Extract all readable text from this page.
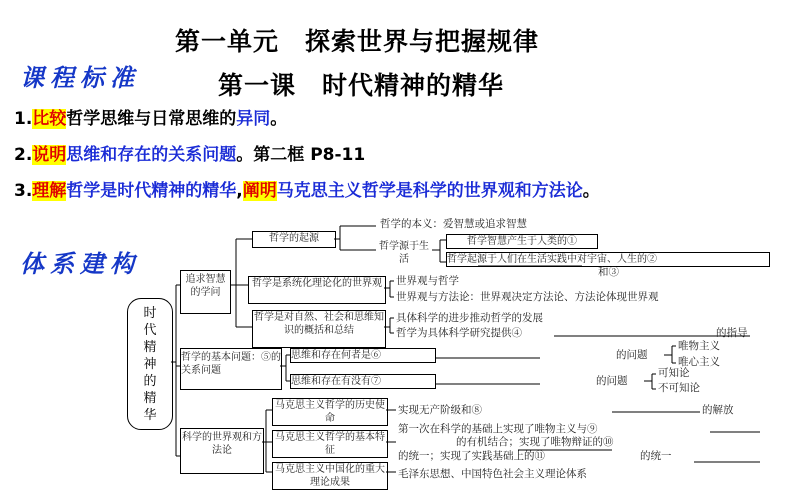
第一单元　探索世界与把握规律
第一课　时代精神的精华
课程标准
体系建构
1.比较哲学思维与日常思维的异同。
2.说明思维和存在的关系问题。第二框 P8-11
3.理解哲学是时代精神的精华,阐明马克思主义哲学是科学的世界观和方法论。
时代精神的精华
追求智慧的学问
哲学的基本问题：⑤的关系问题
科学的世界观和方法论
哲学的起源
哲学是系统化理论化的世界观
哲学是对自然、社会和思维知识的概括和总结
哲学的本义：爱智慧或追求智慧
哲学源于生活
哲学智慧产生于人类的①
哲学起源于人们在生活实践中对宇宙、人生的②
和③
世界观与哲学
世界观与方法论：世界观决定方法论、方法论体现世界观
具体科学的进步推动哲学的发展
哲学为具体科学研究提供④	的指导
思维和存在何者是⑥	的问题
唯物主义
唯心主义
思维和存在有没有⑦	的问题
可知论
不可知论
马克思主义哲学的历史使命
实现无产阶级和⑧	的解放
马克思主义哲学的基本特征
第一次在科学的基础上实现了唯物主义与⑨
的有机结合；实现了唯物辩证的⑩
的统一；实现了实践基础上的⑪	的统一
马克思主义中国化的重大理论成果
毛泽东思想、中国特色社会主义理论体系
